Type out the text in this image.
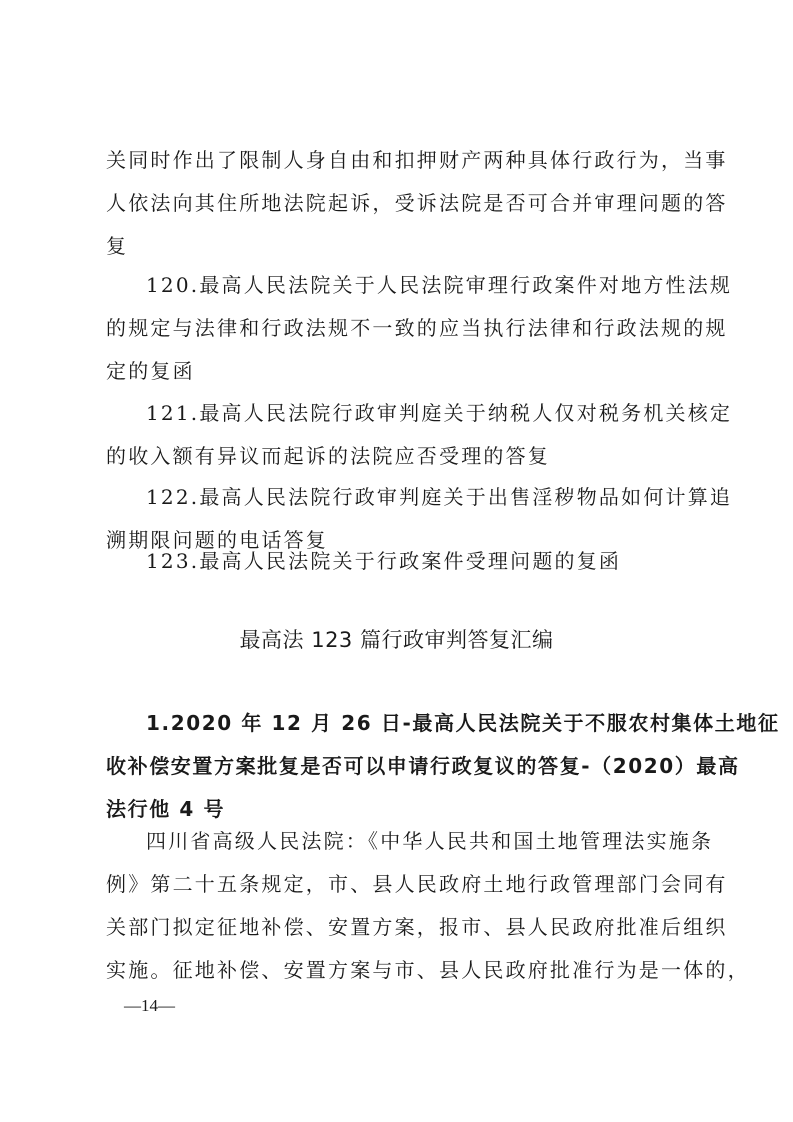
关同时作出了限制人身自由和扣押财产两种具体行政行为，当事
人依法向其住所地法院起诉，受诉法院是否可合并审理问题的答
复
120.最高人民法院关于人民法院审理行政案件对地方性法规
的规定与法律和行政法规不一致的应当执行法律和行政法规的规
定的复函
121.最高人民法院行政审判庭关于纳税人仅对税务机关核定
的收入额有异议而起诉的法院应否受理的答复
122.最高人民法院行政审判庭关于出售淫秽物品如何计算追
溯期限问题的电话答复
123.最高人民法院关于行政案件受理问题的复函
最高法 123 篇行政审判答复汇编
1.2020 年 12 月 26 日-最高人民法院关于不服农村集体土地征
收补偿安置方案批复是否可以申请行政复议的答复-（2020）最高
法行他 4 号
四川省高级人民法院：《中华人民共和国土地管理法实施条
例》第二十五条规定，市、县人民政府土地行政管理部门会同有
关部门拟定征地补偿、安置方案，报市、县人民政府批准后组织
实施。征地补偿、安置方案与市、县人民政府批准行为是一体的，
—14—
